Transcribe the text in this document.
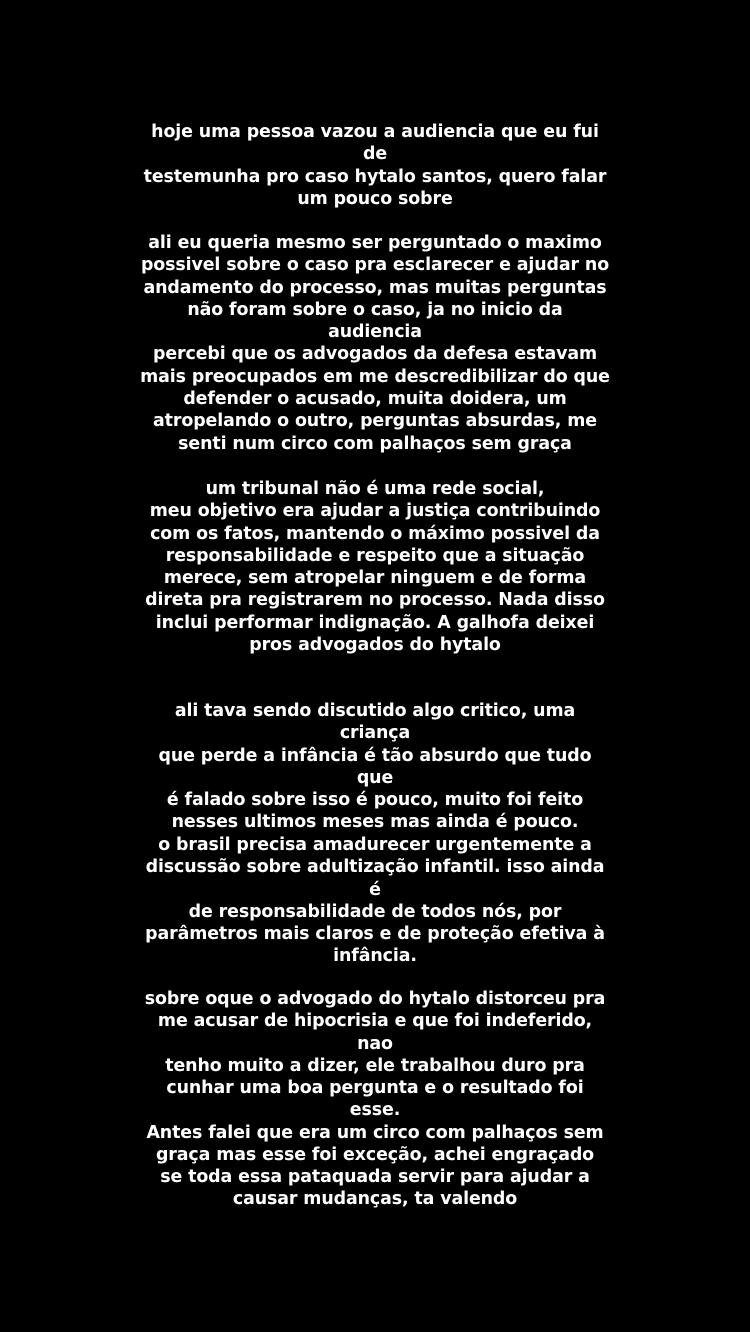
hoje uma pessoa vazou a audiencia que eu fui de
testemunha pro caso hytalo santos, quero falar
um pouco sobre

ali eu queria mesmo ser perguntado o maximo
possivel sobre o caso pra esclarecer e ajudar no
andamento do processo, mas muitas perguntas
não foram sobre o caso, ja no inicio da audiencia
percebi que os advogados da defesa estavam
mais preocupados em me descredibilizar do que
defender o acusado, muita doidera, um
atropelando o outro, perguntas absurdas, me
senti num circo com palhaços sem graça

um tribunal não é uma rede social,
meu objetivo era ajudar a justiça contribuindo
com os fatos, mantendo o máximo possivel da
responsabilidade e respeito que a situação
merece, sem atropelar ninguem e de forma
direta pra registrarem no processo. Nada disso
inclui performar indignação. A galhofa deixei
pros advogados do hytalo

ali tava sendo discutido algo critico, uma criança
que perde a infância é tão absurdo que tudo que
é falado sobre isso é pouco, muito foi feito
nesses ultimos meses mas ainda é pouco.

o brasil precisa amadurecer urgentemente a
discussão sobre adultização infantil. isso ainda é
de responsabilidade de todos nós, por
parâmetros mais claros e de proteção efetiva à
infância.

sobre oque o advogado do hytalo distorceu pra
me acusar de hipocrisia e que foi indeferido, nao
tenho muito a dizer, ele trabalhou duro pra
cunhar uma boa pergunta e o resultado foi esse.
Antes falei que era um circo com palhaços sem
graça mas esse foi exceção, achei engraçado

se toda essa pataquada servir para ajudar a
causar mudanças, ta valendo
